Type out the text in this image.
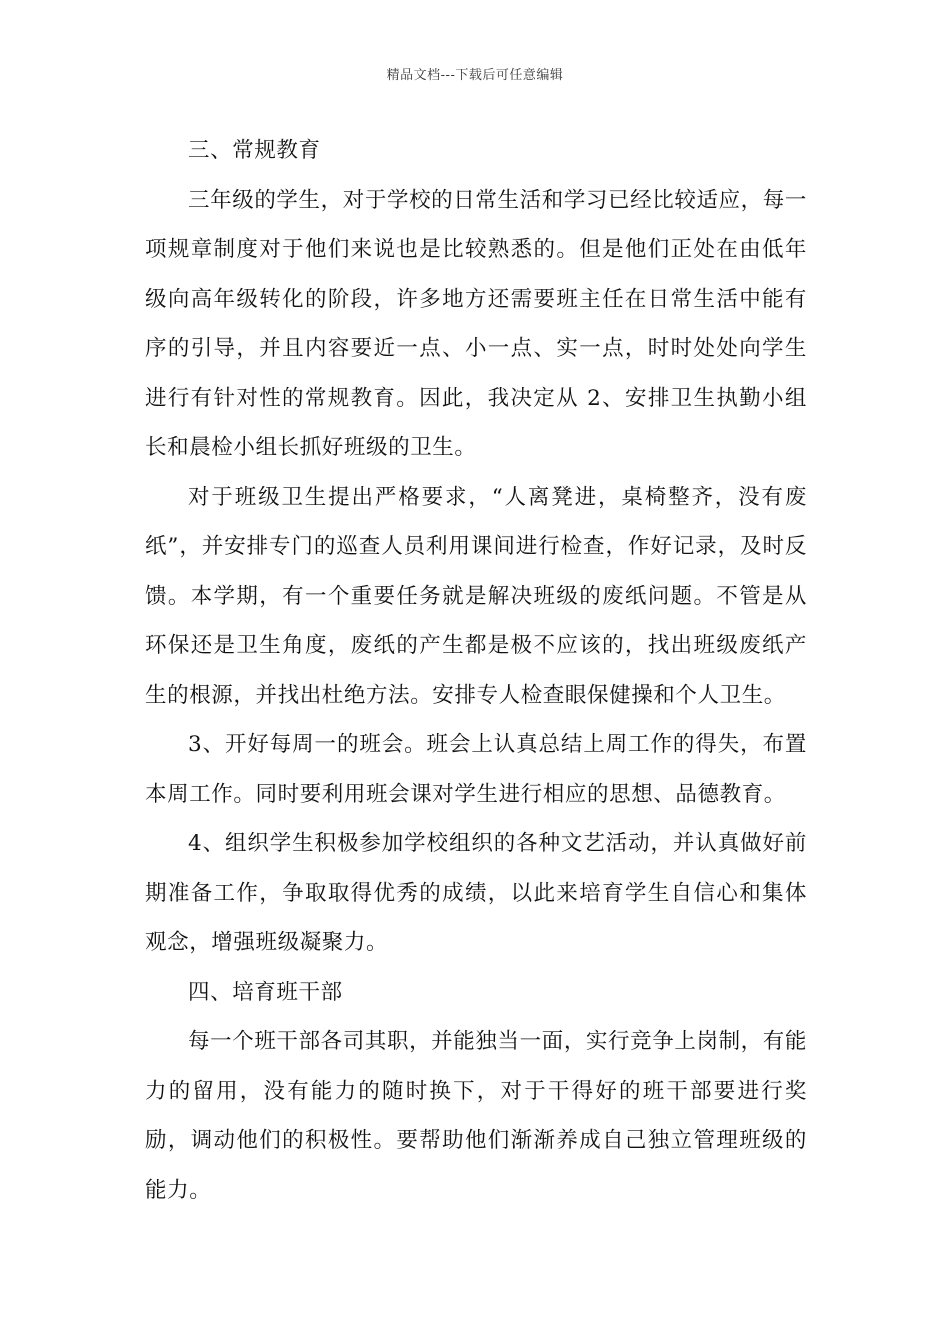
精品文档---下载后可任意编辑

三、常规教育

三年级的学生，对于学校的日常生活和学习已经比较适应，每一项规章制度对于他们来说也是比较熟悉的。但是他们正处在由低年级向高年级转化的阶段，许多地方还需要班主任在日常生活中能有序的引导，并且内容要近一点、小一点、实一点，时时处处向学生进行有针对性的常规教育。因此，我决定从 2、安排卫生执勤小组长和晨检小组长抓好班级的卫生。

对于班级卫生提出严格要求，“人离凳进，桌椅整齐，没有废纸”，并安排专门的巡查人员利用课间进行检查，作好记录，及时反馈。本学期，有一个重要任务就是解决班级的废纸问题。不管是从环保还是卫生角度，废纸的产生都是极不应该的，找出班级废纸产生的根源，并找出杜绝方法。安排专人检查眼保健操和个人卫生。

3、开好每周一的班会。班会上认真总结上周工作的得失，布置本周工作。同时要利用班会课对学生进行相应的思想、品德教育。

4、组织学生积极参加学校组织的各种文艺活动，并认真做好前期准备工作，争取取得优秀的成绩，以此来培育学生自信心和集体观念，增强班级凝聚力。

四、培育班干部

每一个班干部各司其职，并能独当一面，实行竞争上岗制，有能力的留用，没有能力的随时换下，对于干得好的班干部要进行奖励，调动他们的积极性。要帮助他们渐渐养成自己独立管理班级的能力。
